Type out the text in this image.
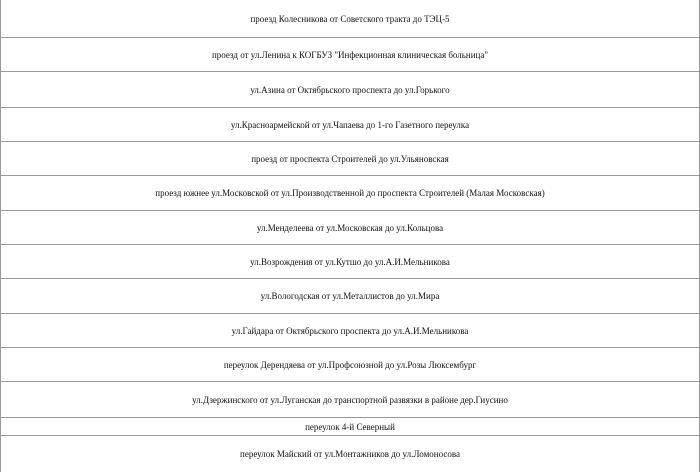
проезд Колесникова от Советского тракта до ТЭЦ-5
проезд от ул.Ленина к КОГБУЗ "Инфекционная клиническая больница"
ул.Азина от Октябрьского проспекта до ул.Горького
ул.Красноармейской от ул.Чапаева до 1-го Газетного переулка
проезд от проспекта Строителей до ул.Ульяновская
проезд южнее ул.Московской от ул.Производственной до проспекта Строителей (Малая Московская)
ул.Менделеева от ул.Московская до ул.Кольцова
ул.Возрождения от ул.Кутшо до ул.А.И.Мельникова
ул.Вологодская от ул.Металлистов до ул.Мира
ул.Гайдара от Октябрьского проспекта до ул.А.И.Мельникова
переулок Дерендяева от ул.Профсоюзной до ул.Розы Люксембург
ул.Дзержинского от ул.Луганская до транспортной развязки в районе дер.Гиусино
переулок 4-й Северный
переулок Майский от ул.Монтажников до ул.Ломоносова
